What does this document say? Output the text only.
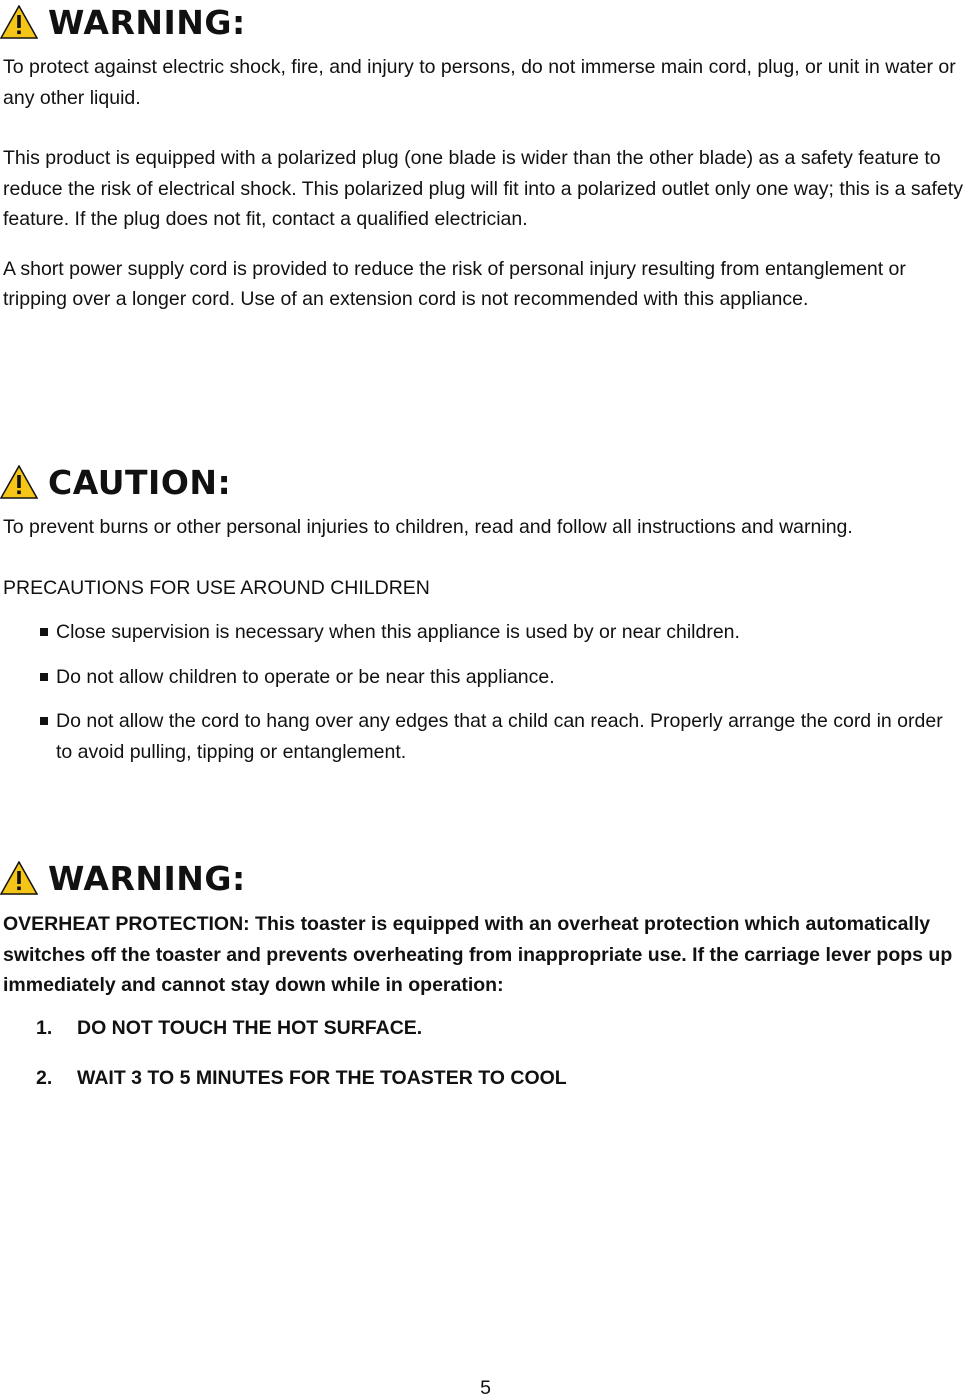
WARNING:

To protect against electric shock, fire, and injury to persons, do not immerse main cord, plug, or unit in water or any other liquid.

This product is equipped with a polarized plug (one blade is wider than the other blade) as a safety feature to reduce the risk of electrical shock. This polarized plug will fit into a polarized outlet only one way; this is a safety feature. If the plug does not fit, contact a qualified electrician.

A short power supply cord is provided to reduce the risk of personal injury resulting from entanglement or tripping over a longer cord. Use of an extension cord is not recommended with this appliance.

CAUTION:

To prevent burns or other personal injuries to children, read and follow all instructions and warning.

PRECAUTIONS FOR USE AROUND CHILDREN

Close supervision is necessary when this appliance is used by or near children.
Do not allow children to operate or be near this appliance.
Do not allow the cord to hang over any edges that a child can reach. Properly arrange the cord in order to avoid pulling, tipping or entanglement.
WARNING:

OVERHEAT PROTECTION: This toaster is equipped with an overheat protection which automatically switches off the toaster and prevents overheating from inappropriate use. If the carriage lever pops up immediately and cannot stay down while in operation:

1. DO NOT TOUCH THE HOT SURFACE.
2. WAIT 3 TO 5 MINUTES FOR THE TOASTER TO COOL
5
